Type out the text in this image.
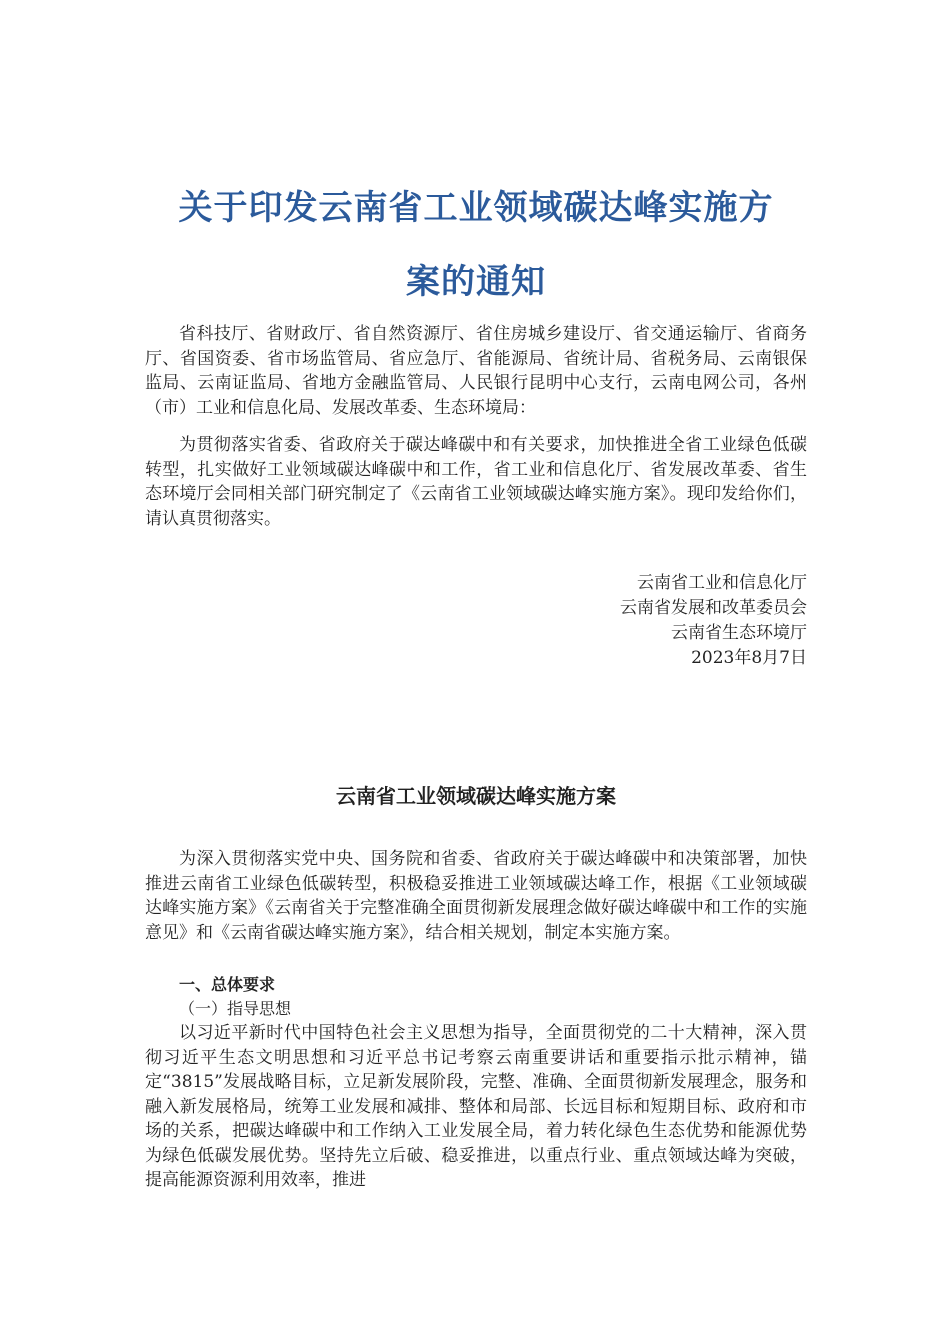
关于印发云南省工业领域碳达峰实施方
案的通知

省科技厅、省财政厅、省自然资源厅、省住房城乡建设厅、省交通运输厅、省商务厅、省国资委、省市场监管局、省应急厅、省能源局、省统计局、省税务局、云南银保监局、云南证监局、省地方金融监管局、人民银行昆明中心支行，云南电网公司，各州（市）工业和信息化局、发展改革委、生态环境局：

为贯彻落实省委、省政府关于碳达峰碳中和有关要求，加快推进全省工业绿色低碳转型，扎实做好工业领域碳达峰碳中和工作，省工业和信息化厅、省发展改革委、省生态环境厅会同相关部门研究制定了《云南省工业领域碳达峰实施方案》。现印发给你们，请认真贯彻落实。

云南省工业和信息化厅

云南省发展和改革委员会

云南省生态环境厅

2023年8月7日

云南省工业领域碳达峰实施方案

为深入贯彻落实党中央、国务院和省委、省政府关于碳达峰碳中和决策部署，加快推进云南省工业绿色低碳转型，积极稳妥推进工业领域碳达峰工作，根据《工业领域碳达峰实施方案》《云南省关于完整准确全面贯彻新发展理念做好碳达峰碳中和工作的实施意见》和《云南省碳达峰实施方案》，结合相关规划，制定本实施方案。

一、总体要求

（一）指导思想

以习近平新时代中国特色社会主义思想为指导，全面贯彻党的二十大精神，深入贯彻习近平生态文明思想和习近平总书记考察云南重要讲话和重要指示批示精神，锚定“3815”发展战略目标，立足新发展阶段，完整、准确、全面贯彻新发展理念，服务和融入新发展格局，统筹工业发展和减排、整体和局部、长远目标和短期目标、政府和市场的关系，把碳达峰碳中和工作纳入工业发展全局，着力转化绿色生态优势和能源优势为绿色低碳发展优势。坚持先立后破、稳妥推进，以重点行业、重点领域达峰为突破，提高能源资源利用效率，推进
